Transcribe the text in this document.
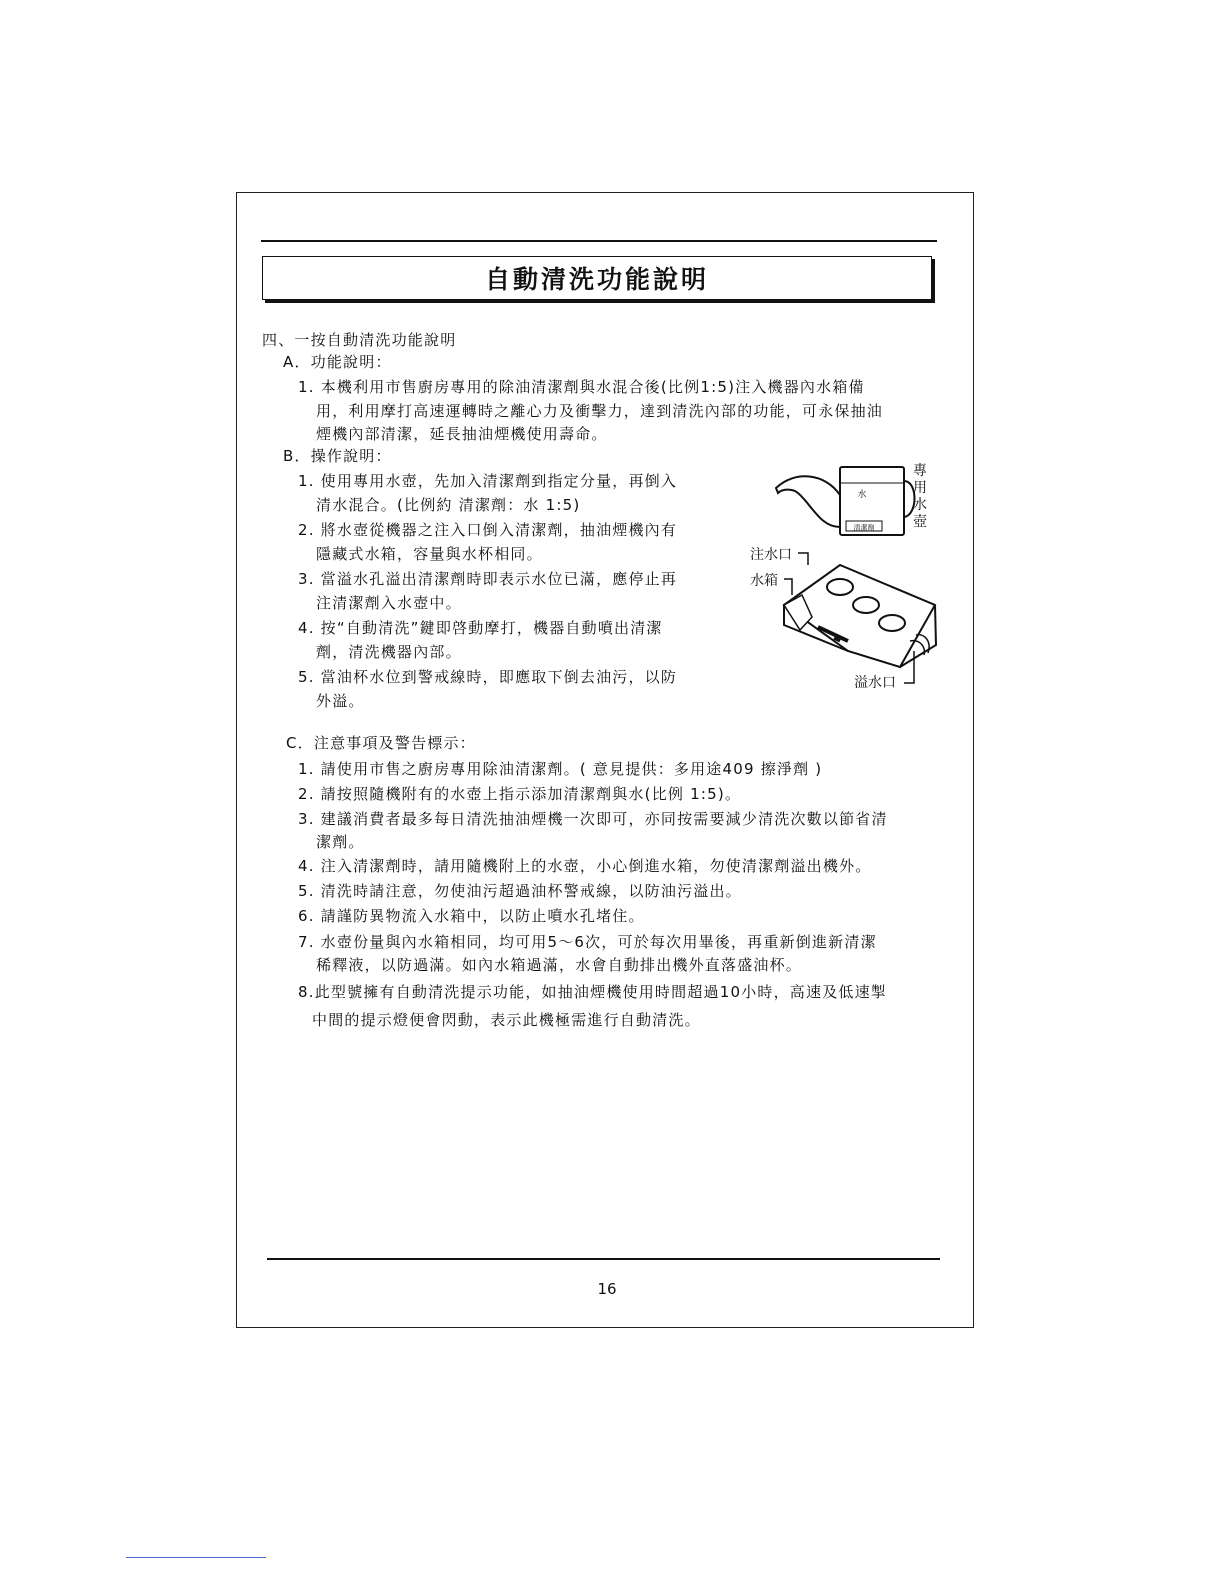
自動清洗功能說明
四、一按自動清洗功能說明
A．功能說明：
1. 本機利用市售廚房專用的除油清潔劑與水混合後(比例1:5)注入機器內水箱備
用，利用摩打高速運轉時之離心力及衝擊力，達到清洗內部的功能，可永保抽油
煙機內部清潔，延長抽油煙機使用壽命。
B．操作說明：
1. 使用專用水壺，先加入清潔劑到指定分量，再倒入
清水混合。(比例約 清潔劑：水 1:5)
2. 將水壺從機器之注入口倒入清潔劑，抽油煙機內有
隱藏式水箱，容量與水杯相同。
3. 當溢水孔溢出清潔劑時即表示水位已滿，應停止再
注清潔劑入水壺中。
4. 按“自動清洗”鍵即啓動摩打，機器自動噴出清潔
劑，清洗機器內部。
5. 當油杯水位到警戒線時，即應取下倒去油污，以防
外溢。
水
清潔劑
專
用
水
壺
注水口
水箱
溢水口
C．注意事項及警告標示：
1. 請使用市售之廚房專用除油清潔劑。( 意見提供：多用途409 擦淨劑 )
2. 請按照隨機附有的水壺上指示添加清潔劑與水(比例 1:5)。
3. 建議消費者最多每日清洗抽油煙機一次即可，亦同按需要減少清洗次數以節省清
潔劑。
4. 注入清潔劑時，請用隨機附上的水壺，小心倒進水箱，勿使清潔劑溢出機外。
5. 清洗時請注意，勿使油污超過油杯警戒線，以防油污溢出。
6. 請謹防異物流入水箱中，以防止噴水孔堵住。
7. 水壺份量與內水箱相同，均可用5～6次，可於每次用畢後，再重新倒進新清潔
稀釋液，以防過滿。如內水箱過滿，水會自動排出機外直落盛油杯。
8.此型號擁有自動清洗提示功能，如抽油煙機使用時間超過10小時，高速及低速掣
中間的提示燈便會閃動，表示此機極需進行自動清洗。
16
